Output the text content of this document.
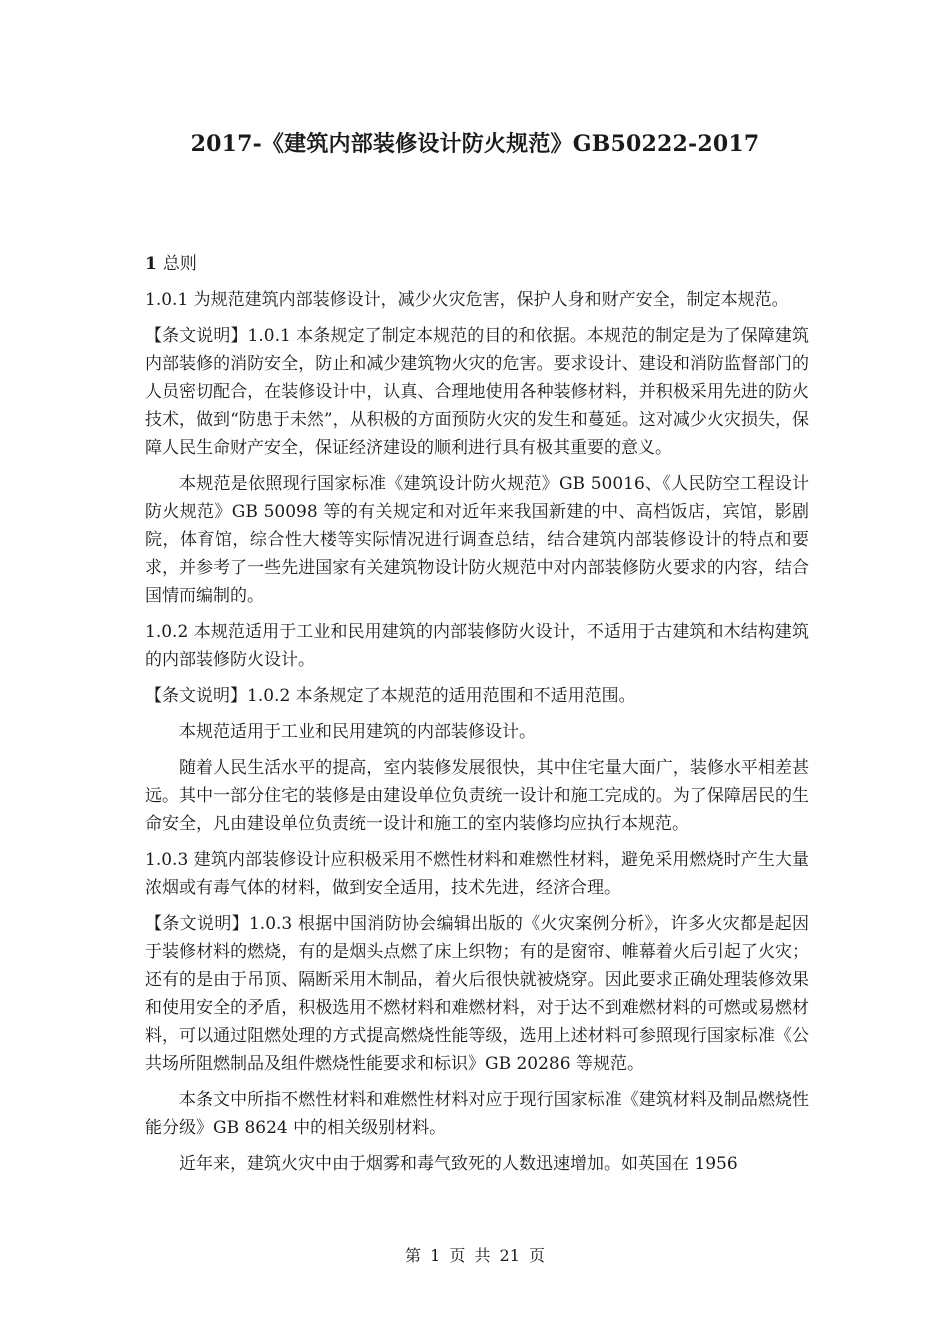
2017-《建筑内部装修设计防火规范》GB50222-2017
1 总则

1.0.1 为规范建筑内部装修设计，减少火灾危害，保护人身和财产安全，制定本规范。

【条文说明】1.0.1 本条规定了制定本规范的目的和依据。本规范的制定是为了保障建筑内部装修的消防安全，防止和减少建筑物火灾的危害。要求设计、建设和消防监督部门的人员密切配合，在装修设计中，认真、合理地使用各种装修材料，并积极采用先进的防火技术，做到“防患于未然”，从积极的方面预防火灾的发生和蔓延。这对减少火灾损失，保障人民生命财产安全，保证经济建设的顺利进行具有极其重要的意义。

本规范是依照现行国家标准《建筑设计防火规范》GB 50016、《人民防空工程设计防火规范》GB 50098 等的有关规定和对近年来我国新建的中、高档饭店，宾馆，影剧院，体育馆，综合性大楼等实际情况进行调查总结，结合建筑内部装修设计的特点和要求，并参考了一些先进国家有关建筑物设计防火规范中对内部装修防火要求的内容，结合国情而编制的。

1.0.2 本规范适用于工业和民用建筑的内部装修防火设计，不适用于古建筑和木结构建筑的内部装修防火设计。

【条文说明】1.0.2 本条规定了本规范的适用范围和不适用范围。

本规范适用于工业和民用建筑的内部装修设计。

随着人民生活水平的提高，室内装修发展很快，其中住宅量大面广，装修水平相差甚远。其中一部分住宅的装修是由建设单位负责统一设计和施工完成的。为了保障居民的生命安全，凡由建设单位负责统一设计和施工的室内装修均应执行本规范。

1.0.3 建筑内部装修设计应积极采用不燃性材料和难燃性材料，避免采用燃烧时产生大量浓烟或有毒气体的材料，做到安全适用，技术先进，经济合理。

【条文说明】1.0.3 根据中国消防协会编辑出版的《火灾案例分析》，许多火灾都是起因于装修材料的燃烧，有的是烟头点燃了床上织物；有的是窗帘、帷幕着火后引起了火灾；还有的是由于吊顶、隔断采用木制品，着火后很快就被烧穿。因此要求正确处理装修效果和使用安全的矛盾，积极选用不燃材料和难燃材料，对于达不到难燃材料的可燃或易燃材料，可以通过阻燃处理的方式提高燃烧性能等级，选用上述材料可参照现行国家标准《公共场所阻燃制品及组件燃烧性能要求和标识》GB 20286 等规范。

本条文中所指不燃性材料和难燃性材料对应于现行国家标准《建筑材料及制品燃烧性能分级》GB 8624 中的相关级别材料。

近年来，建筑火灾中由于烟雾和毒气致死的人数迅速增加。如英国在 1956

第 1 页 共 21 页
